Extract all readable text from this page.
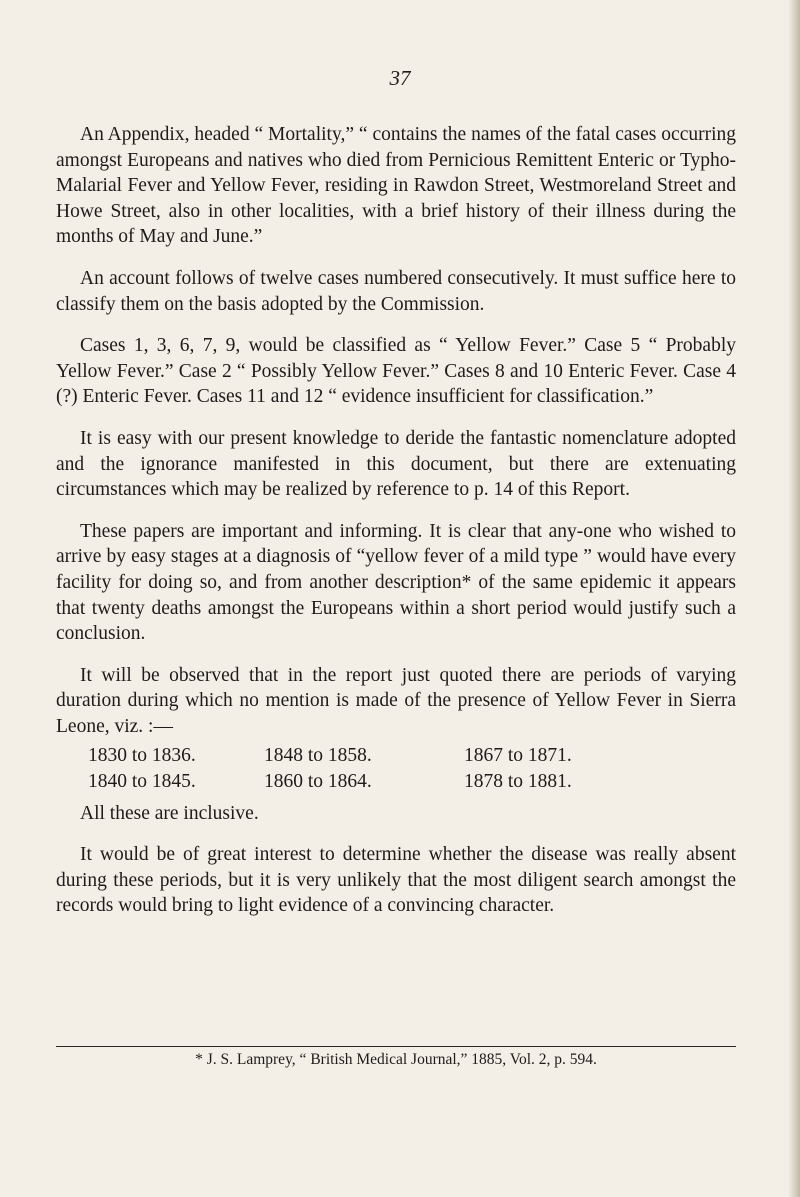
37

An Appendix, headed “ Mortality,” “ contains the names of the fatal cases occurring amongst Europeans and natives who died from Pernicious Remittent Enteric or Typho-Malarial Fever and Yellow Fever, residing in Rawdon Street, Westmoreland Street and Howe Street, also in other localities, with a brief history of their illness during the months of May and June.”

An account follows of twelve cases numbered consecutively. It must suffice here to classify them on the basis adopted by the Commission.

Cases 1, 3, 6, 7, 9, would be classified as “ Yellow Fever.” Case 5 “ Probably Yellow Fever.” Case 2 “ Possibly Yellow Fever.” Cases 8 and 10 Enteric Fever. Case 4 (?) Enteric Fever. Cases 11 and 12 “ evidence insufficient for classification.”

It is easy with our present knowledge to deride the fantastic nomenclature adopted and the ignorance manifested in this document, but there are extenuating circumstances which may be realized by reference to p. 14 of this Report.

These papers are important and informing. It is clear that any-one who wished to arrive by easy stages at a diagnosis of “yellow fever of a mild type ” would have every facility for doing so, and from another description* of the same epidemic it appears that twenty deaths amongst the Europeans within a short period would justify such a conclusion.

It will be observed that in the report just quoted there are periods of varying duration during which no mention is made of the presence of Yellow Fever in Sierra Leone, viz. :—

1830 to 1836.	1848 to 1858.	1867 to 1871.
1840 to 1845.	1860 to 1864.	1878 to 1881.
All these are inclusive.

It would be of great interest to determine whether the disease was really absent during these periods, but it is very unlikely that the most diligent search amongst the records would bring to light evidence of a convincing character.

* J. S. Lamprey, “ British Medical Journal,” 1885, Vol. 2, p. 594.
